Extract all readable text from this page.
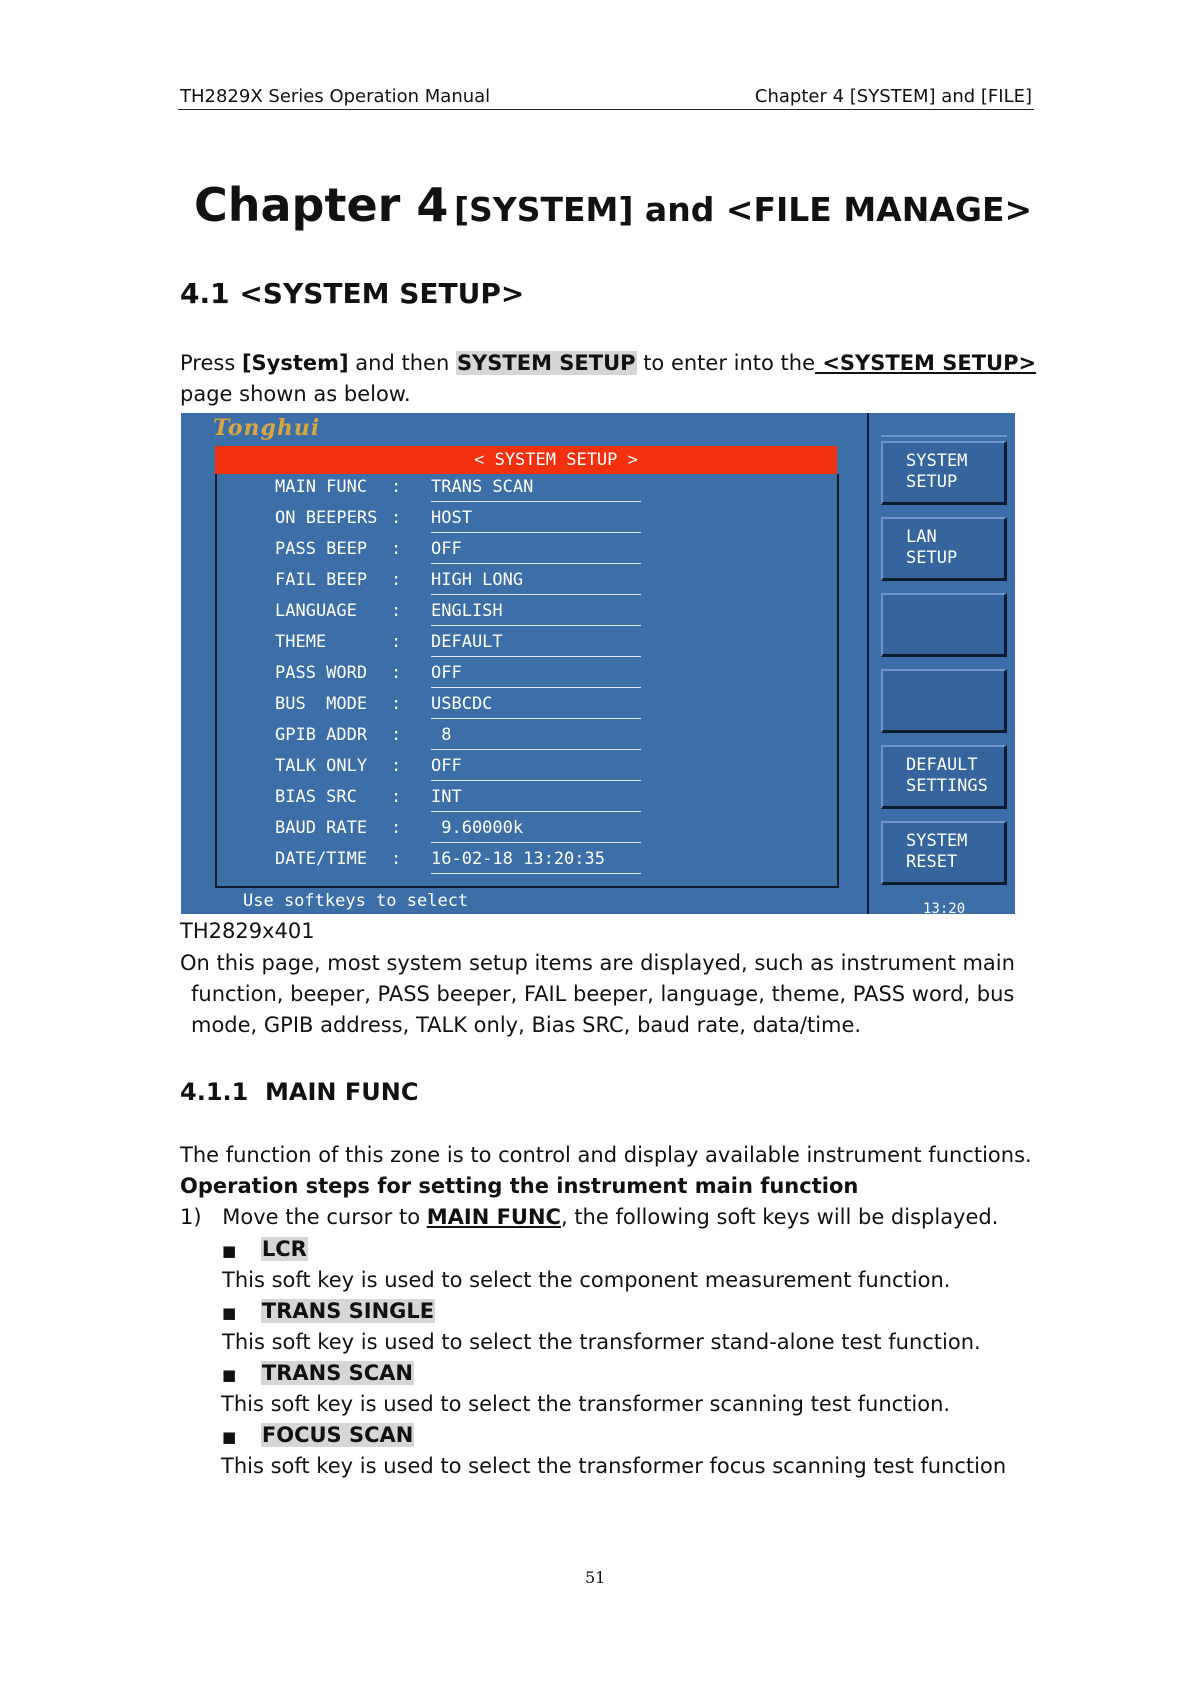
TH2829X Series Operation Manual	Chapter 4 [SYSTEM] and [FILE]
Chapter 4 [SYSTEM] and <FILE MANAGE>
4.1 <SYSTEM SETUP>
Press [System] and then SYSTEM SETUP to enter into the <SYSTEM SETUP>
page shown as below.
Tonghui
< SYSTEM SETUP >
MAIN FUNC : TRANS SCAN
ON BEEPERS : HOST
PASS BEEP : OFF
FAIL BEEP : HIGH LONG
LANGUAGE : ENGLISH
THEME	: DEFAULT
PASS WORD : OFF
BUS  MODE : USBCDC
GPIB ADDR : 8
TALK ONLY : OFF
BIAS SRC : INT
BAUD RATE : 9.60000k
DATE/TIME : 16-02-18 13:20:35
Use softkeys to select
SYSTEM
SETUP
LAN
SETUP
DEFAULT
SETTINGS
SYSTEM
RESET
13:20
TH2829x401
On this page, most system setup items are displayed, such as instrument main
function, beeper, PASS beeper, FAIL beeper, language, theme, PASS word, bus
mode, GPIB address, TALK only, Bias SRC, baud rate, data/time.
4.1.1  MAIN FUNC
The function of this zone is to control and display available instrument functions.
Operation steps for setting the instrument main function
1) Move the cursor to MAIN FUNC, the following soft keys will be displayed.
■ LCR
This soft key is used to select the component measurement function.
■ TRANS SINGLE
This soft key is used to select the transformer stand-alone test function.
■ TRANS SCAN
This soft key is used to select the transformer scanning test function.
■ FOCUS SCAN
This soft key is used to select the transformer focus scanning test function
51
